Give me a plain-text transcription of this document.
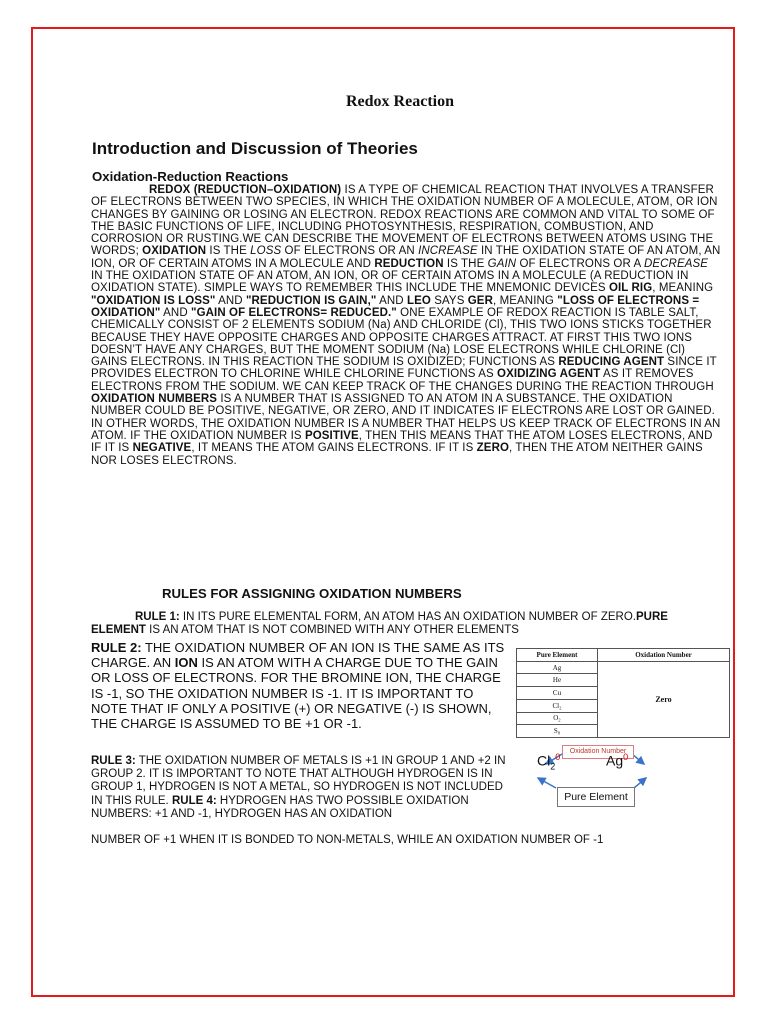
Redox Reaction
Introduction and Discussion of Theories
Oxidation-Reduction Reactions
REDOX (REDUCTION–OXIDATION) IS A TYPE OF CHEMICAL REACTION THAT INVOLVES A TRANSFER OF ELECTRONS BETWEEN TWO SPECIES, IN WHICH THE OXIDATION NUMBER OF A MOLECULE, ATOM, OR ION CHANGES BY GAINING OR LOSING AN ELECTRON. REDOX REACTIONS ARE COMMON AND VITAL TO SOME OF THE BASIC FUNCTIONS OF LIFE, INCLUDING PHOTOSYNTHESIS, RESPIRATION, COMBUSTION, AND CORROSION OR RUSTING.WE CAN DESCRIBE THE MOVEMENT OF ELECTRONS BETWEEN ATOMS USING THE WORDS; OXIDATION IS THE LOSS OF ELECTRONS OR AN INCREASE IN THE OXIDATION STATE OF AN ATOM, AN ION, OR OF CERTAIN ATOMS IN A MOLECULE AND REDUCTION IS THE GAIN OF ELECTRONS OR A DECREASE IN THE OXIDATION STATE OF AN ATOM, AN ION, OR OF CERTAIN ATOMS IN A MOLECULE (A REDUCTION IN OXIDATION STATE). SIMPLE WAYS TO REMEMBER THIS INCLUDE THE MNEMONIC DEVICES OIL RIG, MEANING "OXIDATION IS LOSS" AND "REDUCTION IS GAIN," AND LEO SAYS GER, MEANING "LOSS OF ELECTRONS = OXIDATION" AND "GAIN OF ELECTRONS= REDUCED." ONE EXAMPLE OF REDOX REACTION IS TABLE SALT, CHEMICALLY CONSIST OF 2 ELEMENTS SODIUM (Na) AND CHLORIDE (Cl), THIS TWO IONS STICKS TOGETHER BECAUSE THEY HAVE OPPOSITE CHARGES AND OPPOSITE CHARGES ATTRACT. AT FIRST THIS TWO IONS DOESN’T HAVE ANY CHARGES, BUT THE MOMENT SODIUM (Na) LOSE ELECTRONS WHILE CHLORINE (Cl) GAINS ELECTRONS. IN THIS REACTION THE SODIUM IS OXIDIZED; FUNCTIONS AS REDUCING AGENT SINCE IT PROVIDES ELECTRON TO CHLORINE WHILE CHLORINE FUNCTIONS AS OXIDIZING AGENT AS IT REMOVES ELECTRONS FROM THE SODIUM. WE CAN KEEP TRACK OF THE CHANGES DURING THE REACTION THROUGH OXIDATION NUMBERS IS A NUMBER THAT IS ASSIGNED TO AN ATOM IN A SUBSTANCE. THE OXIDATION NUMBER COULD BE POSITIVE, NEGATIVE, OR ZERO, AND IT INDICATES IF ELECTRONS ARE LOST OR GAINED. IN OTHER WORDS, THE OXIDATION NUMBER IS A NUMBER THAT HELPS US KEEP TRACK OF ELECTRONS IN AN ATOM. IF THE OXIDATION NUMBER IS POSITIVE, THEN THIS MEANS THAT THE ATOM LOSES ELECTRONS, AND IF IT IS NEGATIVE, IT MEANS THE ATOM GAINS ELECTRONS. IF IT IS ZERO, THEN THE ATOM NEITHER GAINS NOR LOSES ELECTRONS.
RULES FOR ASSIGNING OXIDATION NUMBERS
RULE 1: IN ITS PURE ELEMENTAL FORM, AN ATOM HAS AN OXIDATION NUMBER OF ZERO.PURE ELEMENT IS AN ATOM THAT IS NOT COMBINED WITH ANY OTHER ELEMENTS
RULE 2: THE OXIDATION NUMBER OF AN ION IS THE SAME AS ITS CHARGE. AN ION IS AN ATOM WITH A CHARGE DUE TO THE GAIN OR LOSS OF ELECTRONS. FOR THE BROMINE ION, THE CHARGE IS -1, SO THE OXIDATION NUMBER IS -1. IT IS IMPORTANT TO NOTE THAT IF ONLY A POSITIVE (+) OR NEGATIVE (-) IS SHOWN, THE CHARGE IS ASSUMED TO BE +1 OR -1.
RULE 3: THE OXIDATION NUMBER OF METALS IS +1 IN GROUP 1 AND +2 IN GROUP 2. IT IS IMPORTANT TO NOTE THAT ALTHOUGH HYDROGEN IS IN GROUP 1, HYDROGEN IS NOT A METAL, SO HYDROGEN IS NOT INCLUDED IN THIS RULE. RULE 4: HYDROGEN HAS TWO POSSIBLE OXIDATION NUMBERS: +1 AND -1, HYDROGEN HAS AN OXIDATION
NUMBER OF +1 WHEN IT IS BONDED TO NON-METALS, WHILE AN OXIDATION NUMBER OF -1
Pure Element	Oxidation Number
Ag	Zero
He	
Cu	
Cl₂	
O₂	
S₈	
Oxidation Number
$Cl_2^0$	Ag$^0$
Pure Element
